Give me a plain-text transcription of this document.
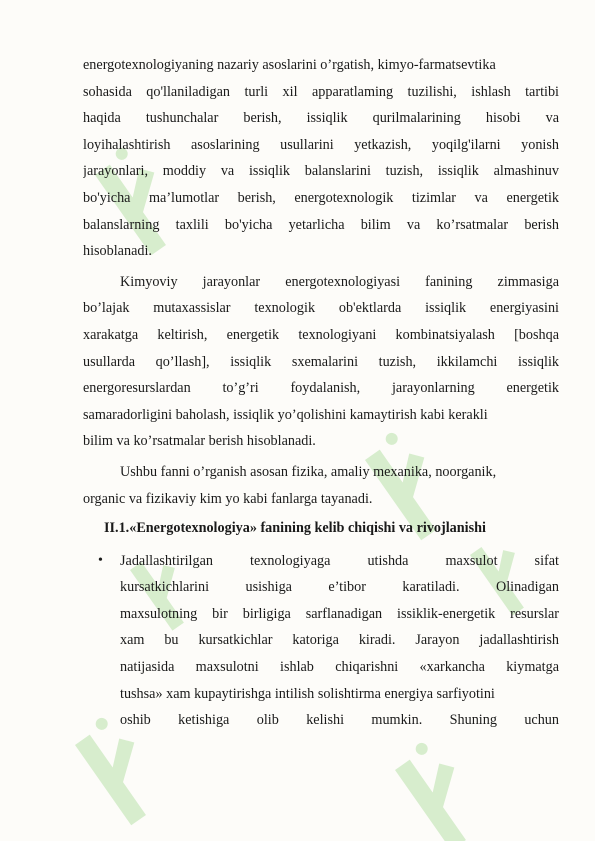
energotexnologiyaning nazariy asoslarini o’rgatish, kimyo-farmatsevtika
sohasida qo'llaniladigan turli xil apparatlaming tuzilishi, ishlash tartibi
haqida tushunchalar berish, issiqlik qurilmalarining hisobi va
loyihalashtirish asoslarining usullarini yetkazish, yoqilg'ilarni yonish
jarayonlari, moddiy va issiqlik balanslarini tuzish, issiqlik almashinuv
bo'yicha ma’lumotlar berish, energotexnologik tizimlar va energetik
balanslarning taxlili bo'yicha yetarlicha bilim va ko’rsatmalar berish
hisoblanadi.
Kimyoviy jarayonlar energotexnologiyasi fanining zimmasiga
bo’lajak mutaxassislar texnologik ob'ektlarda issiqlik energiyasini
xarakatga keltirish, energetik texnologiyani kombinatsiyalash [boshqa
usullarda qo’llash], issiqlik sxemalarini tuzish, ikkilamchi issiqlik
energoresurslardan to’g’ri foydalanish, jarayonlarning energetik
samaradorligini baholash, issiqlik yo’qolishini kamaytirish kabi kerakli
bilim va ko’rsatmalar berish hisoblanadi.
Ushbu fanni o’rganish asosan fizika, amaliy mexanika, noorganik,
organic va fizikaviy kim yo kabi fanlarga tayanadi.
II.1.«Energotexnologiya» fanining kelib chiqishi va rivojlanishi
• Jadallashtirilgan texnologiyaga utishda maxsulot sifat
kursatkichlarini usishiga e’tibor karatiladi. Olinadigan
maxsulotning bir birligiga sarflanadigan issiklik-energetik resurslar
xam bu kursatkichlar katoriga kiradi. Jarayon jadallashtirish
natijasida maxsulotni ishlab chiqarishni «xarkancha kiymatga
tushsa» xam kupaytirishga intilish solishtirma energiya sarfiyotini
oshib ketishiga olib kelishi mumkin. Shuning uchun
